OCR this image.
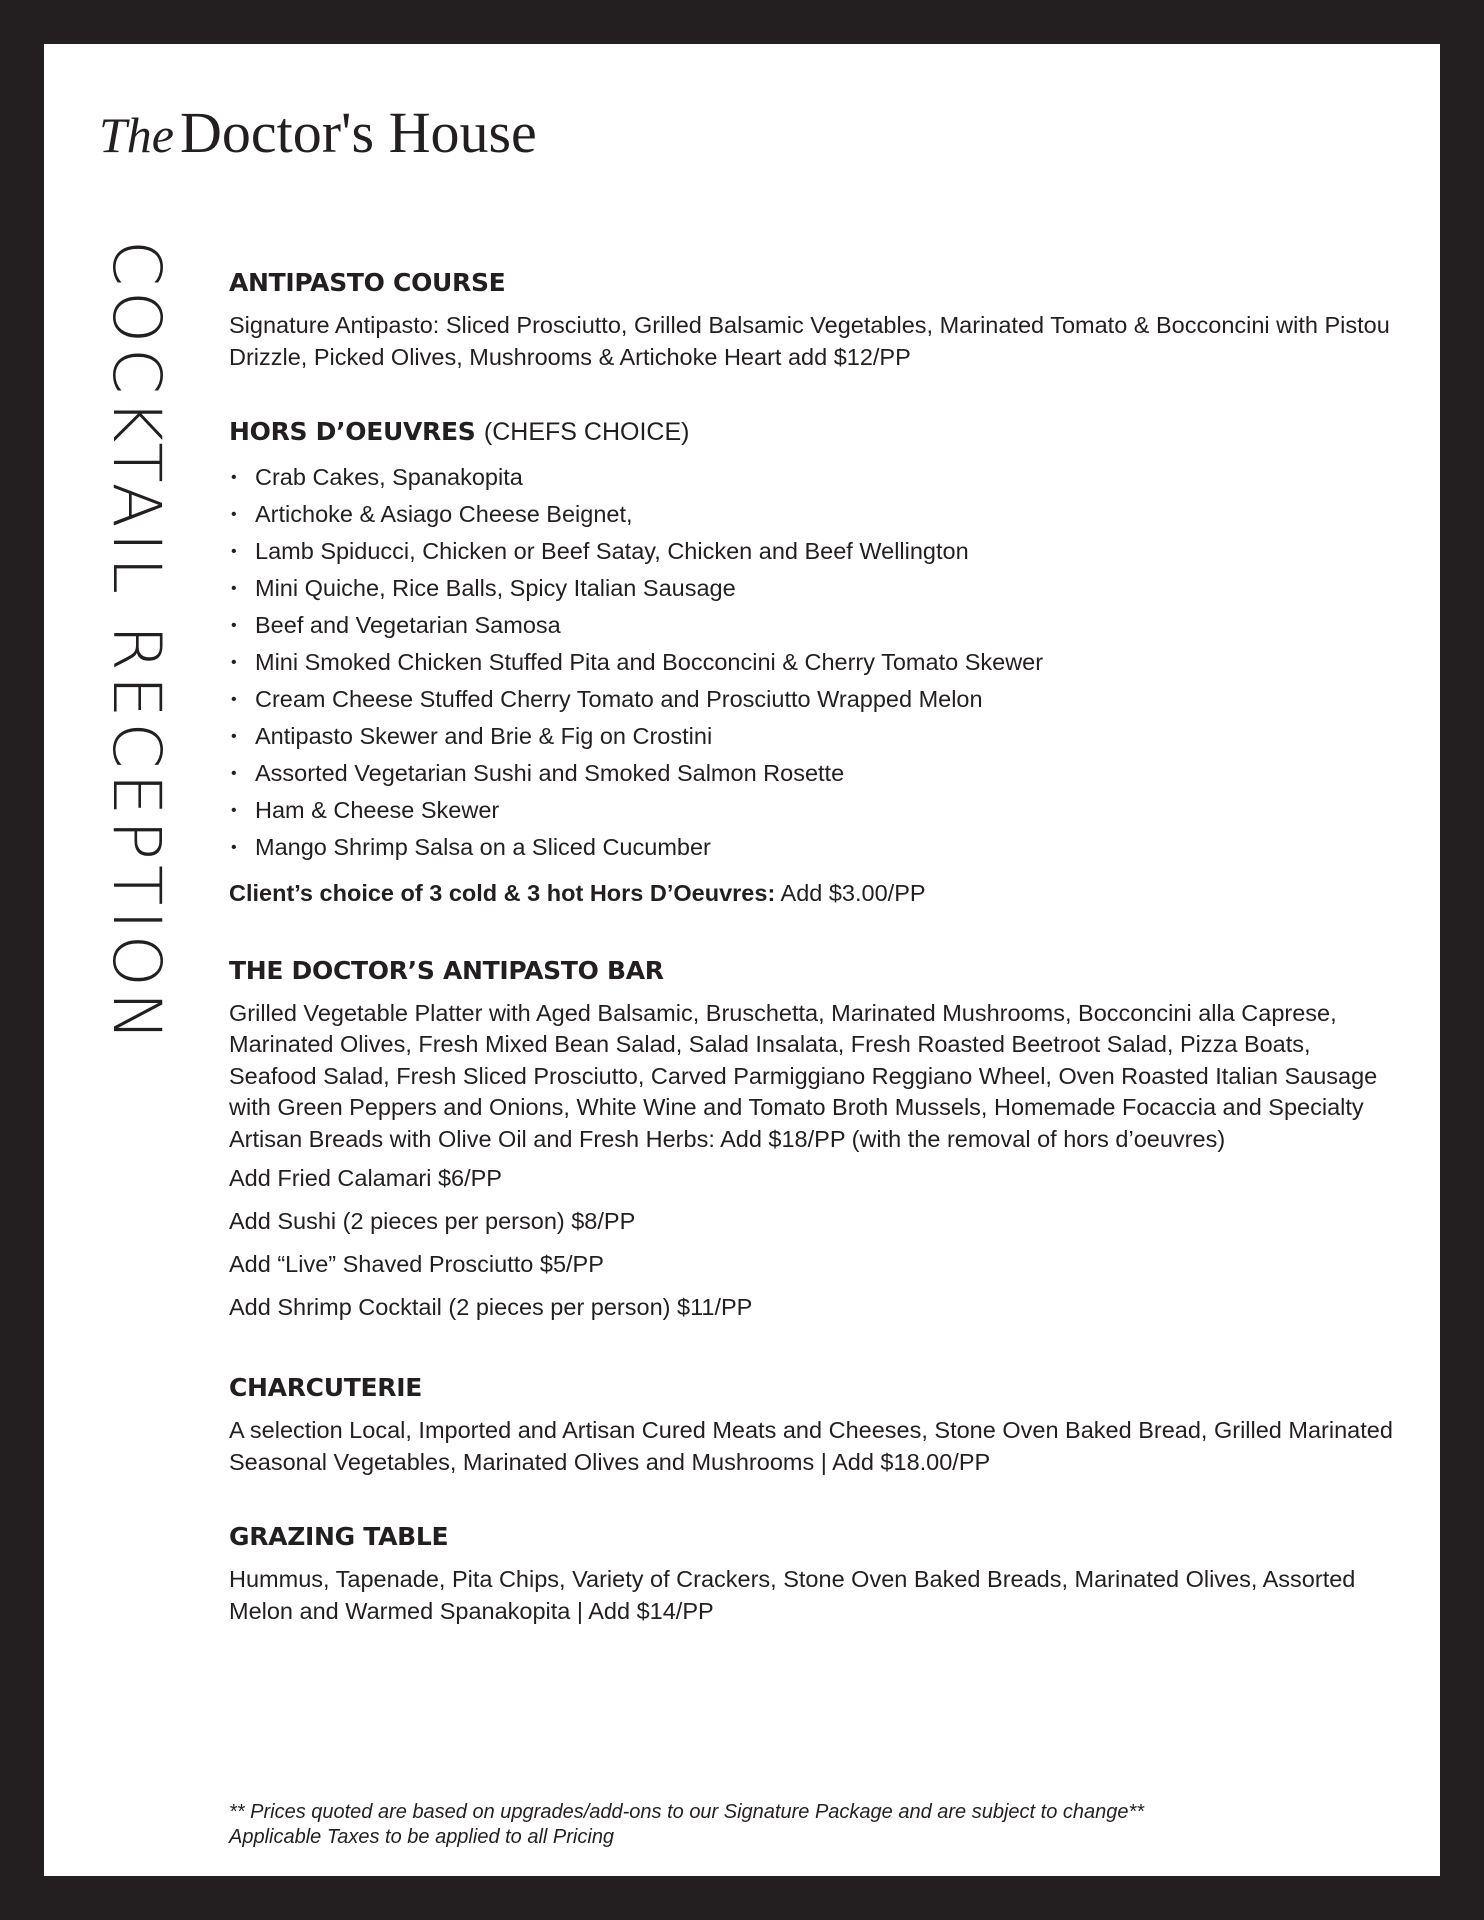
The Doctor's House
COCKTAIL RECEPTION ANTIPASTO COURSE

Signature Antipasto: Sliced Prosciutto, Grilled Balsamic Vegetables, Marinated Tomato & Bocconcini with Pistou Drizzle, Picked Olives, Mushrooms & Artichoke Heart add $12/PP

HORS D’OEUVRES (CHEFS CHOICE)
• Crab Cakes, Spanakopita
• Artichoke & Asiago Cheese Beignet,
• Lamb Spiducci, Chicken or Beef Satay, Chicken and Beef Wellington
• Mini Quiche, Rice Balls, Spicy Italian Sausage
• Beef and Vegetarian Samosa
• Mini Smoked Chicken Stuffed Pita and Bocconcini & Cherry Tomato Skewer
• Cream Cheese Stuffed Cherry Tomato and Prosciutto Wrapped Melon
• Antipasto Skewer and Brie & Fig on Crostini
• Assorted Vegetarian Sushi and Smoked Salmon Rosette
• Ham & Cheese Skewer
• Mango Shrimp Salsa on a Sliced Cucumber

Client’s choice of 3 cold & 3 hot Hors D’Oeuvres: Add $3.00/PP

THE DOCTOR’S ANTIPASTO BAR

Grilled Vegetable Platter with Aged Balsamic, Bruschetta, Marinated Mushrooms, Bocconcini alla Caprese, Marinated Olives, Fresh Mixed Bean Salad, Salad Insalata, Fresh Roasted Beetroot Salad, Pizza Boats, Seafood Salad, Fresh Sliced Prosciutto, Carved Parmiggiano Reggiano Wheel, Oven Roasted Italian Sausage with Green Peppers and Onions, White Wine and Tomato Broth Mussels, Homemade Focaccia and Specialty Artisan Breads with Olive Oil and Fresh Herbs: Add $18/PP (with the removal of hors d’oeuvres)

Add Fried Calamari $6/PP

Add Sushi (2 pieces per person) $8/PP

Add “Live” Shaved Prosciutto $5/PP

Add Shrimp Cocktail (2 pieces per person) $11/PP

CHARCUTERIE

A selection Local, Imported and Artisan Cured Meats and Cheeses, Stone Oven Baked Bread, Grilled Marinated Seasonal Vegetables, Marinated Olives and Mushrooms | Add $18.00/PP

GRAZING TABLE

Hummus, Tapenade, Pita Chips, Variety of Crackers, Stone Oven Baked Breads, Marinated Olives, Assorted Melon and Warmed Spanakopita | Add $14/PP

** Prices quoted are based on upgrades/add-ons to our Signature Package and are subject to change**
Applicable Taxes to be applied to all Pricing
